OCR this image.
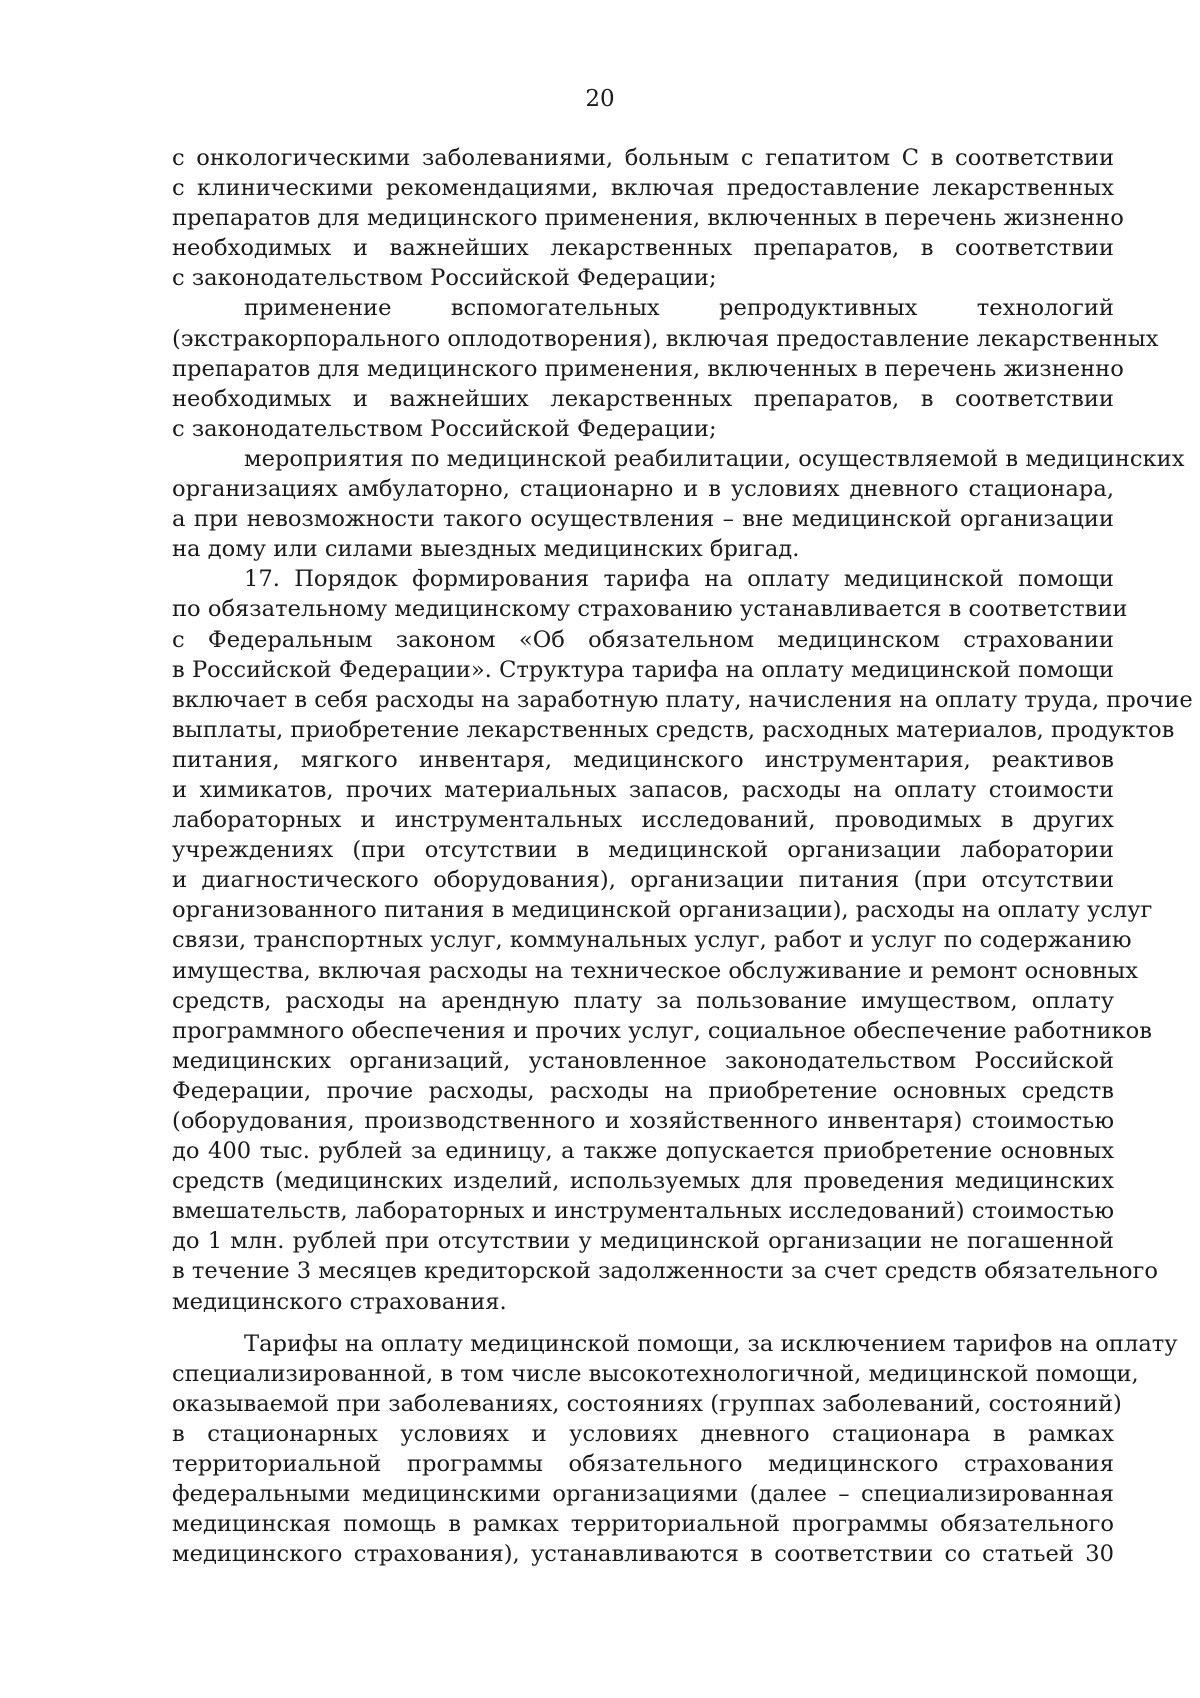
20
с онкологическими заболеваниями, больным с гепатитом С в соответствии
с клиническими рекомендациями, включая предоставление лекарственных
препаратов для медицинского применения, включенных в перечень жизненно
необходимых и важнейших лекарственных препаратов, в соответствии
с законодательством Российской Федерации;
применение вспомогательных репродуктивных технологий
(экстракорпорального оплодотворения), включая предоставление лекарственных
препаратов для медицинского применения, включенных в перечень жизненно
необходимых и важнейших лекарственных препаратов, в соответствии
с законодательством Российской Федерации;
мероприятия по медицинской реабилитации, осуществляемой в медицинских
организациях амбулаторно, стационарно и в условиях дневного стационара,
а при невозможности такого осуществления – вне медицинской организации
на дому или силами выездных медицинских бригад.
17. Порядок формирования тарифа на оплату медицинской помощи
по обязательному медицинскому страхованию устанавливается в соответствии
с Федеральным законом «Об обязательном медицинском страховании
в Российской Федерации». Структура тарифа на оплату медицинской помощи
включает в себя расходы на заработную плату, начисления на оплату труда, прочие
выплаты, приобретение лекарственных средств, расходных материалов, продуктов
питания, мягкого инвентаря, медицинского инструментария, реактивов
и химикатов, прочих материальных запасов, расходы на оплату стоимости
лабораторных и инструментальных исследований, проводимых в других
учреждениях (при отсутствии в медицинской организации лаборатории
и диагностического оборудования), организации питания (при отсутствии
организованного питания в медицинской организации), расходы на оплату услуг
связи, транспортных услуг, коммунальных услуг, работ и услуг по содержанию
имущества, включая расходы на техническое обслуживание и ремонт основных
средств, расходы на арендную плату за пользование имуществом, оплату
программного обеспечения и прочих услуг, социальное обеспечение работников
медицинских организаций, установленное законодательством Российской
Федерации, прочие расходы, расходы на приобретение основных средств
(оборудования, производственного и хозяйственного инвентаря) стоимостью
до 400 тыс. рублей за единицу, а также допускается приобретение основных
средств (медицинских изделий, используемых для проведения медицинских
вмешательств, лабораторных и инструментальных исследований) стоимостью
до 1 млн. рублей при отсутствии у медицинской организации не погашенной
в течение 3 месяцев кредиторской задолженности за счет средств обязательного
медицинского страхования.
Тарифы на оплату медицинской помощи, за исключением тарифов на оплату
специализированной, в том числе высокотехнологичной, медицинской помощи,
оказываемой при заболеваниях, состояниях (группах заболеваний, состояний)
в стационарных условиях и условиях дневного стационара в рамках
территориальной программы обязательного медицинского страхования
федеральными медицинскими организациями (далее – специализированная
медицинская помощь в рамках территориальной программы обязательного
медицинского страхования), устанавливаются в соответствии со статьей 30
